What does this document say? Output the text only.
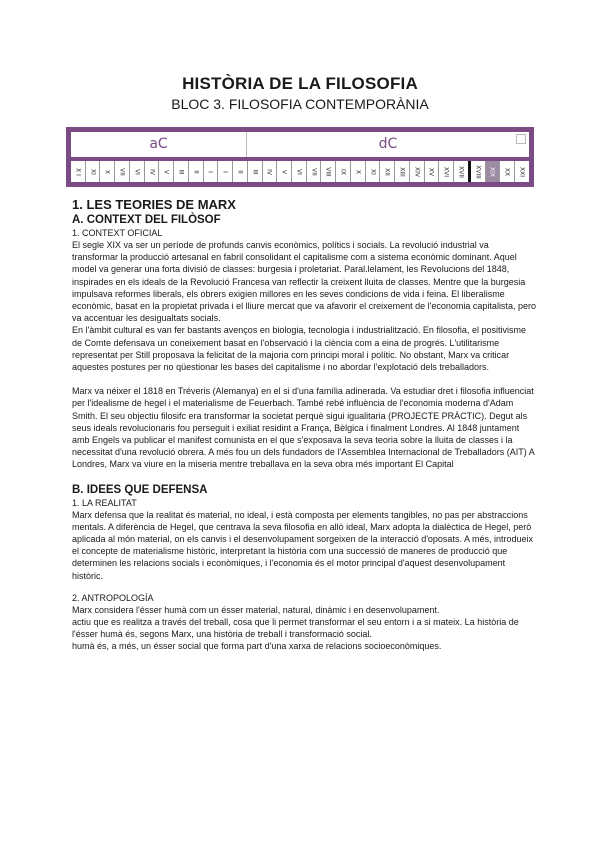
HISTÒRIA DE LA FILOSOFIA
BLOC 3. FILOSOFIA CONTEMPORÀNIA
aC	dC
X I XI X VII VI IV V III II I I II III IV V VI VII VIII IX X XI XII XIII XIV XV XVI XVII XVIII XIX XX XXI
1. LES TEORIES DE MARX
A. CONTEXT DEL FILÒSOF

1. CONTEXT OFICIAL

El segle XIX va ser un període de profunds canvis econòmics, polítics i socials. La revolució industrial va transformar la producció artesanal en fabril consolidant el capitalisme com a sistema econòmic dominant. Aquel model va generar una forta divisió de classes: burgesia i proletariat. Paral.lelament, les Revolucions del 1848, inspirades en els ideals de la Revolució Francesa van reflectir la creixent lluita de classes. Mentre que la burgesia impulsava reformes liberals, els obrers exigien millores en les seves condicions de vida i feina. El liberalisme econòmic, basat en la propietat privada i el lliure mercat que va afavorir el creixement de l'economia capitalista, pero va accentuar les desigualtats socials.

En l'àmbit cultural es van fer bastants avenços en biologia, tecnologia i industrialització. En filosofia, el positivisme de Comte defensava un coneixement basat en l'observació i la ciència com a eina de progrés. L'utilitarisme representat per Still proposava la felicitat de la majoria com principi moral i polític. No obstant, Marx va criticar aquestes postures per no qüestionar les bases del capitalisme i no abordar l'explotació dels treballadors.

Marx va néixer el 1818 en Tréveris (Alemanya) en el si d'una família adinerada. Va estudiar dret i filosofia influenciat per l'idealisme de hegel i el materialisme de Feuerbach. També rebé influència de l'economia moderna d'Adam Smith. El seu objectiu filosifc era transformar la societat perquè sigui igualitaria (PROJECTE PRÀCTIC). Degut als seus ideals revolucionaris fou perseguit i exiliat residint a França, Bèlgica i finalment Londres. Al 1848 juntament amb Engels va publicar el manifest comunista en el que s'exposava la seva teoria sobre la lluita de classes i la necessitat d'una revolució obrera. A més fou un dels fundadors de l'Assemblea Internacional de Treballadors (AIT) A Londres, Marx va viure en la miseria mentre treballava en la seva obra més important El Capital

B. IDEES QUE DEFENSA

1. LA REALITAT

Marx defensa que la realitat és material, no ideal, i està composta per elements tangibles, no pas per abstraccions mentals. A diferència de Hegel, que centrava la seva filosofia en allò ideal, Marx adopta la dialèctica de Hegel, però aplicada al món material, on els canvis i el desenvolupament sorgeixen de la interacció d'oposats. A més, introdueix el concepte de materialisme històric, interpretant la història com una successió de maneres de producció que determinen les relacions socials i econòmiques, i l'economia és el motor principal d'aquest desenvolupament històric.

2. ANTROPOLOGÍA

Marx considera l'ésser humà com un ésser material, natural, dinàmic i en desenvolupament.

actiu que es realitza a través del treball, cosa que li permet transformar el seu entorn i a si mateix. La història de l'ésser humà és, segons Marx, una història de treball i transformació social.

humà és, a més, un ésser social que forma part d'una xarxa de relacions socioeconòmiques.
